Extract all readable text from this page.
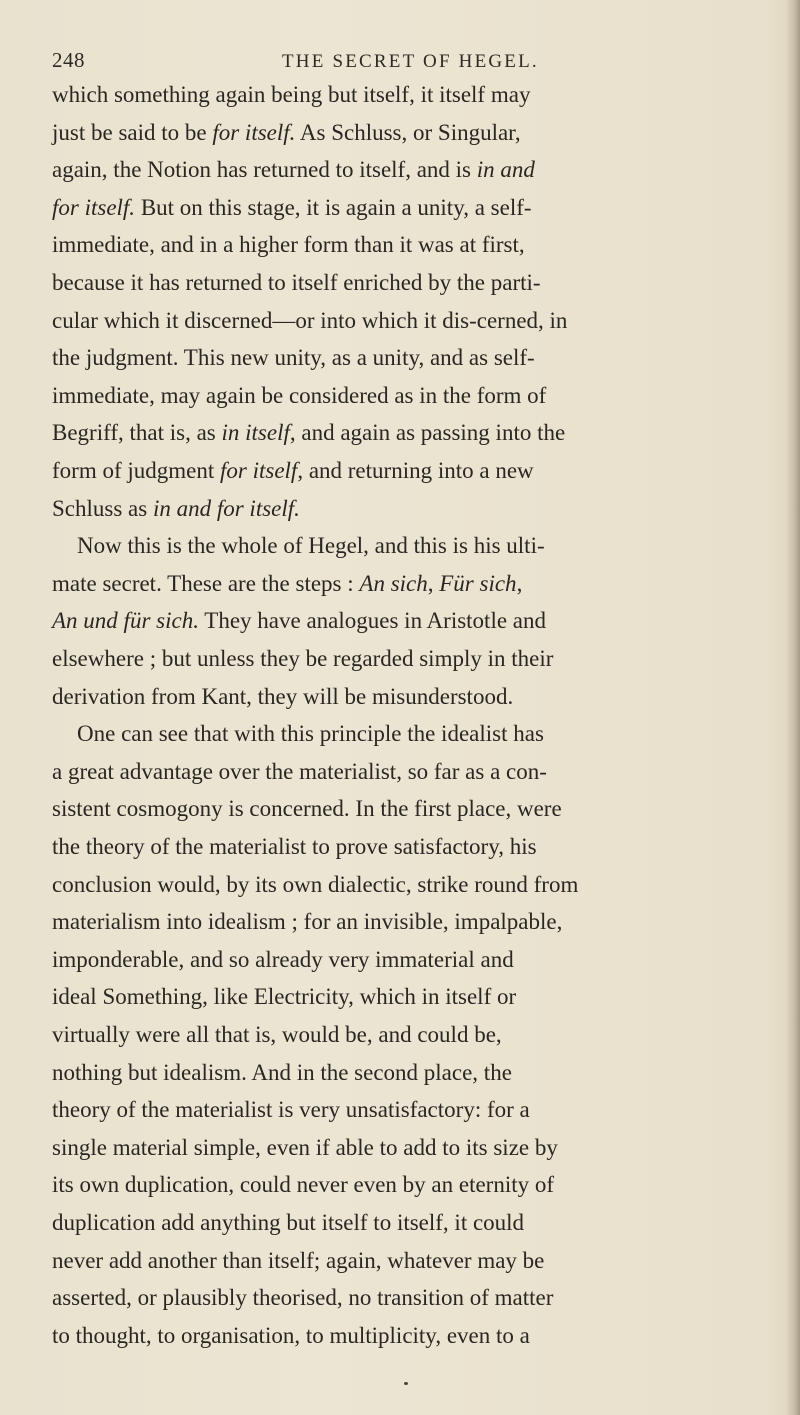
248	THE SECRET OF HEGEL.
which something again being but itself, it itself may
just be said to be for itself. As Schluss, or Singular,
again, the Notion has returned to itself, and is in and
for itself. But on this stage, it is again a unity, a self-
immediate, and in a higher form than it was at first,
because it has returned to itself enriched by the parti-
cular which it discerned—or into which it dis-cerned, in
the judgment. This new unity, as a unity, and as self-
immediate, may again be considered as in the form of
Begriff, that is, as in itself, and again as passing into the
form of judgment for itself, and returning into a new
Schluss as in and for itself.
Now this is the whole of Hegel, and this is his ulti-
mate secret. These are the steps : An sich, Für sich,
An und für sich. They have analogues in Aristotle and
elsewhere ; but unless they be regarded simply in their
derivation from Kant, they will be misunderstood.
One can see that with this principle the idealist has
a great advantage over the materialist, so far as a con-
sistent cosmogony is concerned. In the first place, were
the theory of the materialist to prove satisfactory, his
conclusion would, by its own dialectic, strike round from
materialism into idealism ; for an invisible, impalpable,
imponderable, and so already very immaterial and
ideal Something, like Electricity, which in itself or
virtually were all that is, would be, and could be,
nothing but idealism. And in the second place, the
theory of the materialist is very unsatisfactory: for a
single material simple, even if able to add to its size by
its own duplication, could never even by an eternity of
duplication add anything but itself to itself, it could
never add another than itself; again, whatever may be
asserted, or plausibly theorised, no transition of matter
to thought, to organisation, to multiplicity, even to a
